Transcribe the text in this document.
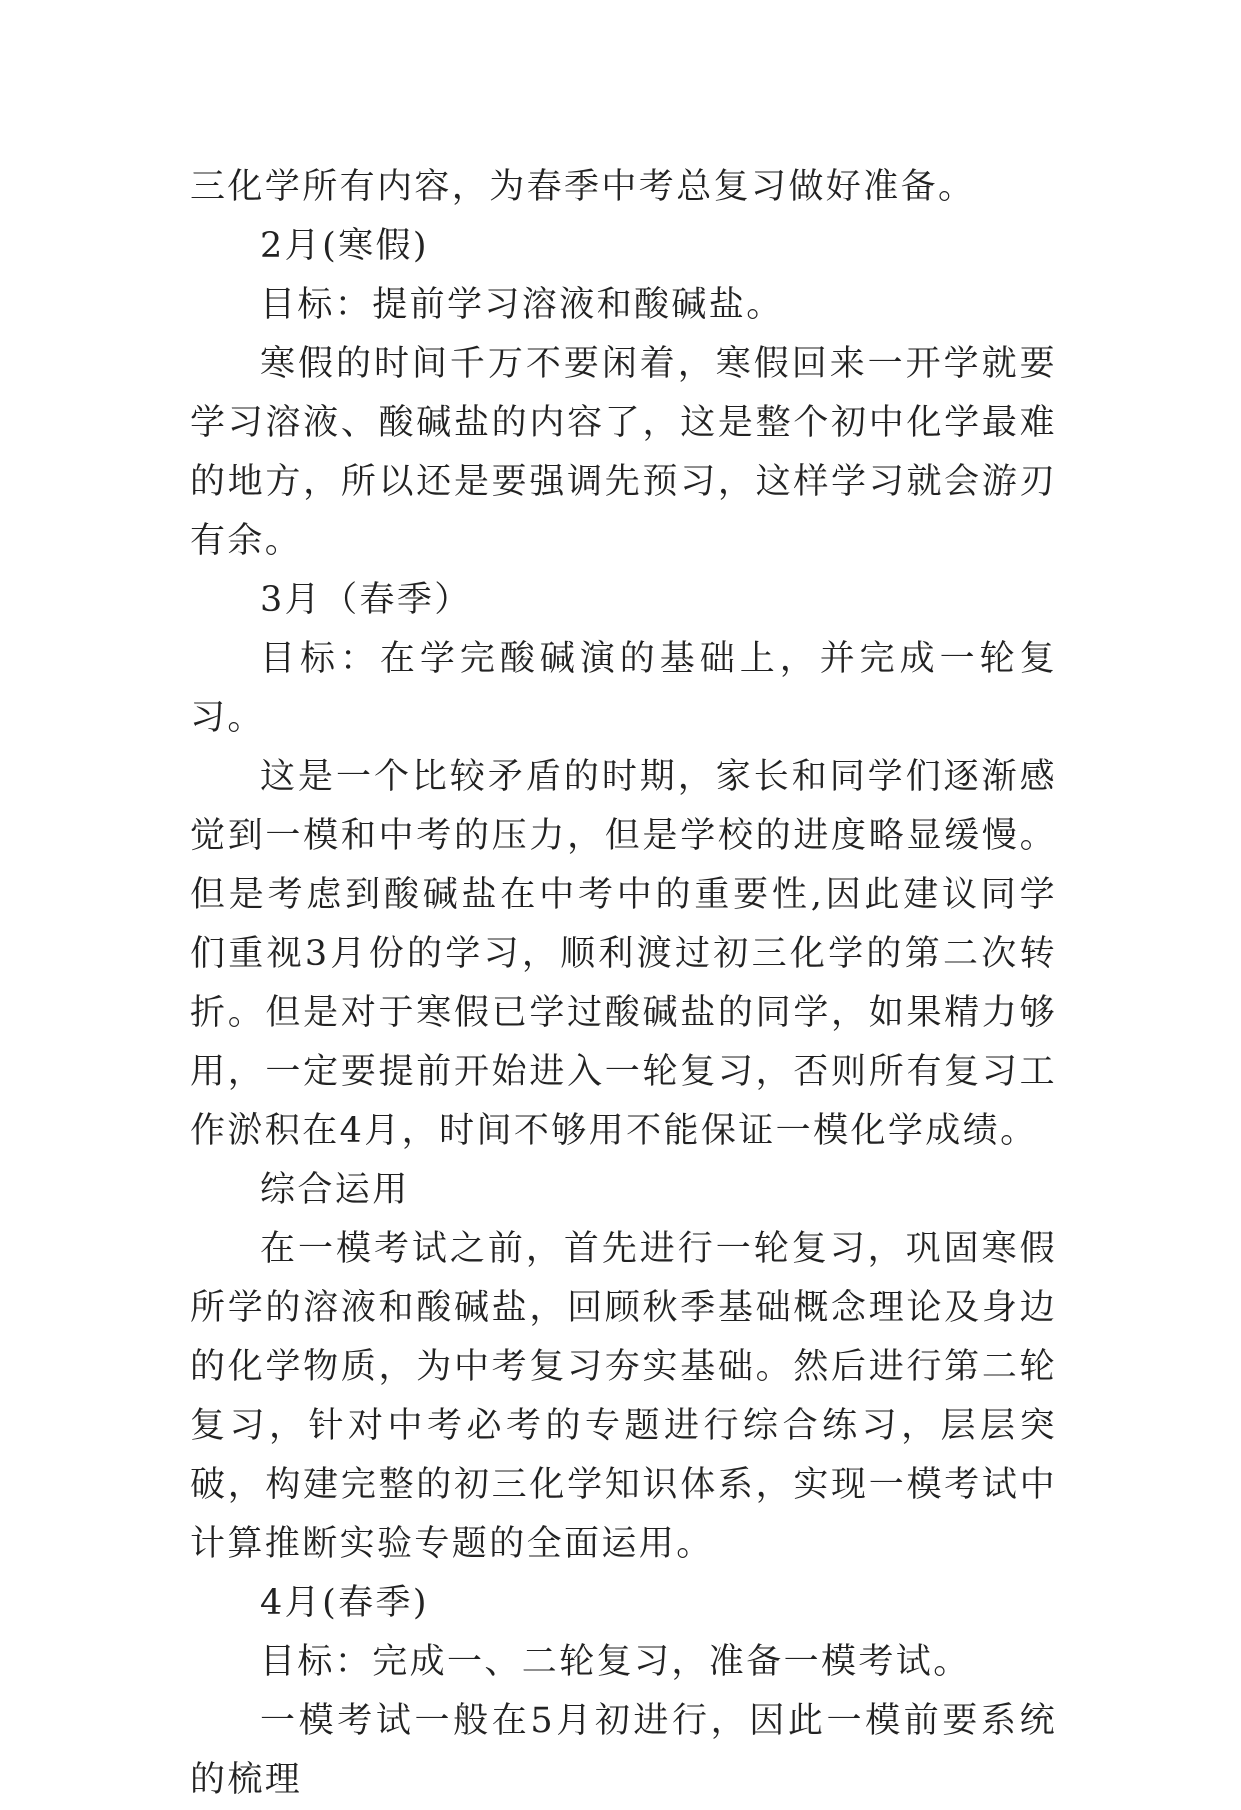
三化学所有内容，为春季中考总复习做好准备。

2月(寒假)

目标：提前学习溶液和酸碱盐。

寒假的时间千万不要闲着，寒假回来一开学就要学习溶液、酸碱盐的内容了，这是整个初中化学最难的地方，所以还是要强调先预习，这样学习就会游刃有余。

3月（春季）

目标：在学完酸碱演的基础上，并完成一轮复习。

这是一个比较矛盾的时期，家长和同学们逐渐感觉到一模和中考的压力，但是学校的进度略显缓慢。但是考虑到酸碱盐在中考中的重要性,因此建议同学们重视3月份的学习，顺利渡过初三化学的第二次转折。但是对于寒假已学过酸碱盐的同学，如果精力够用，一定要提前开始进入一轮复习，否则所有复习工作淤积在4月，时间不够用不能保证一模化学成绩。

综合运用

在一模考试之前，首先进行一轮复习，巩固寒假所学的溶液和酸碱盐，回顾秋季基础概念理论及身边的化学物质，为中考复习夯实基础。然后进行第二轮复习，针对中考必考的专题进行综合练习，层层突破，构建完整的初三化学知识体系，实现一模考试中计算推断实验专题的全面运用。

4月(春季)

目标：完成一、二轮复习，准备一模考试。

一模考试一般在5月初进行，因此一模前要系统的梳理
